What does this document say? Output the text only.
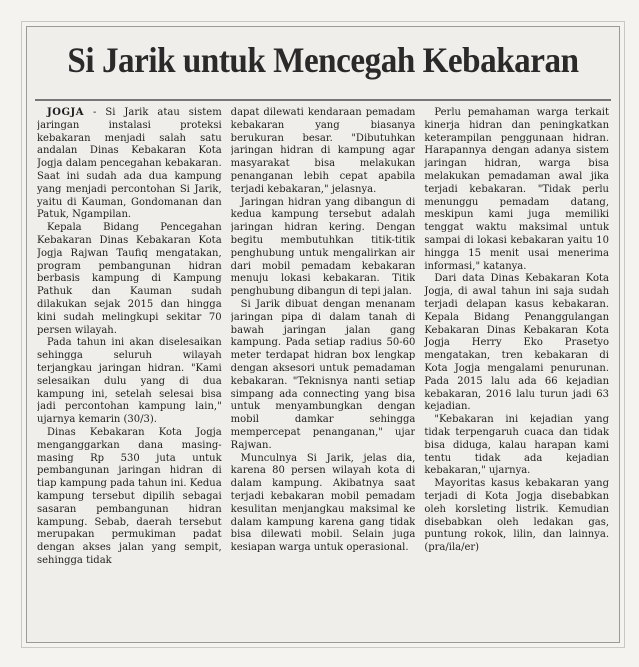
Si Jarik untuk Mencegah Kebakaran

JOGJA - Si Jarik atau sistem jaringan instalasi proteksi kebakaran menjadi salah satu andalan Dinas Kebakaran Kota Jogja dalam pencegahan kebakaran. Saat ini sudah ada dua kampung yang menjadi percontohan Si Jarik, yaitu di Kauman, Gondomanan dan Patuk, Ngampilan.

Kepala Bidang Pencegahan Kebakaran Dinas Kebakaran Kota Jogja Rajwan Taufiq mengatakan, program pembangunan hidran berbasis kampung di Kampung Pathuk dan Kauman sudah dilakukan sejak 2015 dan hingga kini sudah melingkupi sekitar 70 persen wilayah.

Pada tahun ini akan diselesaikan sehingga seluruh wilayah terjangkau jaringan hidran. "Kami selesaikan dulu yang di dua kampung ini, setelah selesai bisa jadi percontohan kampung lain," ujarnya kemarin (30/3).

Dinas Kebakaran Kota Jogja menganggarkan dana masing-masing Rp 530 juta untuk pembangunan jaringan hidran di tiap kampung pada tahun ini. Kedua kampung tersebut dipilih sebagai sasaran pembangunan hidran kampung. Sebab, daerah tersebut merupakan permukiman padat dengan akses jalan yang sempit, sehingga tidak

dapat dilewati kendaraan pemadam kebakaran yang biasanya berukuran besar. "Dibutuhkan jaringan hidran di kampung agar masyarakat bisa melakukan penanganan lebih cepat apabila terjadi kebakaran," jelasnya.

Jaringan hidran yang dibangun di kedua kampung tersebut adalah jaringan hidran kering. Dengan begitu membutuhkan titik-titik penghubung untuk mengalirkan air dari mobil pemadam kebakaran menuju lokasi kebakaran. Titik penghubung dibangun di tepi jalan.

Si Jarik dibuat dengan menanam jaringan pipa di dalam tanah di bawah jaringan jalan gang kampung. Pada setiap radius 50-60 meter terdapat hidran box lengkap dengan aksesori untuk pemadaman kebakaran. "Teknisnya nanti setiap simpang ada connecting yang bisa untuk menyambungkan dengan mobil damkar sehingga mempercepat penanganan," ujar Rajwan.

Munculnya Si Jarik, jelas dia, karena 80 persen wilayah kota di dalam kampung. Akibatnya saat terjadi kebakaran mobil pemadam kesulitan menjangkau maksimal ke dalam kampung karena gang tidak bisa dilewati mobil. Selain juga kesiapan warga untuk operasional.

Perlu pemahaman warga terkait kinerja hidran dan peningkatkan keterampilan penggunaan hidran. Harapannya dengan adanya sistem jaringan hidran, warga bisa melakukan pemadaman awal jika terjadi kebakaran. "Tidak perlu menunggu pemadam datang, meskipun kami juga memiliki tenggat waktu maksimal untuk sampai di lokasi kebakaran yaitu 10 hingga 15 menit usai menerima informasi," katanya.

Dari data Dinas Kebakaran Kota Jogja, di awal tahun ini saja sudah terjadi delapan kasus kebakaran. Kepala Bidang Penanggulangan Kebakaran Dinas Kebakaran Kota Jogja Herry Eko Prasetyo mengatakan, tren kebakaran di Kota Jogja mengalami penurunan. Pada 2015 lalu ada 66 kejadian kebakaran, 2016 lalu turun jadi 63 kejadian.

"Kebakaran ini kejadian yang tidak terpengaruh cuaca dan tidak bisa diduga, kalau harapan kami tentu tidak ada kejadian kebakaran," ujarnya.

Mayoritas kasus kebakaran yang terjadi di Kota Jogja disebabkan oleh korsleting listrik. Kemudian disebabkan oleh ledakan gas, puntung rokok, lilin, dan lainnya. (pra/ila/er)
